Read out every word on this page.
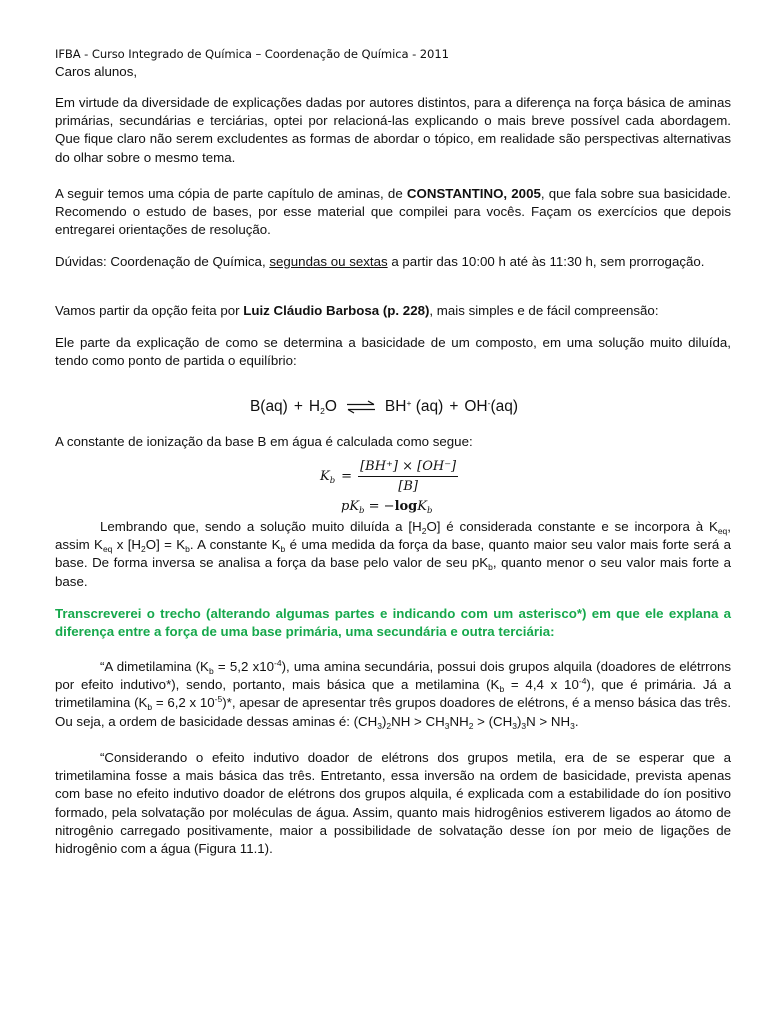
IFBA - Curso Integrado de Química – Coordenação de Química - 2011

Caros alunos,

Em virtude da diversidade de explicações dadas por autores distintos, para a diferença na força básica de aminas primárias, secundárias e terciárias, optei por relacioná-las explicando o mais breve possível cada abordagem. Que fique claro não serem excludentes as formas de abordar o tópico, em realidade são perspectivas alternativas do olhar sobre o mesmo tema.

A seguir temos uma cópia de parte capítulo de aminas, de CONSTANTINO, 2005, que fala sobre sua basicidade. Recomendo o estudo de bases, por esse material que compilei para vocês. Façam os exercícios que depois entregarei orientações de resolução.

Dúvidas: Coordenação de Química, segundas ou sextas a partir das 10:00 h até às 11:30 h, sem prorrogação.

Vamos partir da opção feita por Luiz Cláudio Barbosa (p. 228), mais simples e de fácil compreensão:

Ele parte da explicação de como se determina a basicidade de um composto, em uma solução muito diluída, tendo como ponto de partida o equilíbrio:

$B(aq) + H_2O$ ⇌ BH+ (aq) + OH-(aq)

A constante de ionização da base B em água é calculada como segue:

$K_b = \frac{[BH^+] \times [OH^-]}{[B]}$
$pK_b = -\log K_b$

Lembrando que, sendo a solução muito diluída a $[H_2O]$ é considerada constante e se incorpora à $K_{eq}$, assim $K_{eq}$ x $[H_2O] = K_b$. A constante $K_b$ é uma medida da força da base, quanto maior seu valor mais forte será a base. De forma inversa se analisa a força da base pelo valor de seu $pK_b$, quanto menor o seu valor mais forte a base.

Transcreverei o trecho (alterando algumas partes e indicando com um asterisco*) em que ele explana a diferença entre a força de uma base primária, uma secundária e outra terciária:

“A dimetilamina ($K_b = 5,2$ $x10^{-4}$), uma amina secundária, possui dois grupos alquila (doadores de elétrrons por efeito indutivo*), sendo, portanto, mais básica que a metilamina ($K_b = 4,4$ x $10^{-4}$), que é primária. Já a trimetilamina ($K_b = 6,2$ x $10^{-5})*$, apesar de apresentar três grupos doadores de elétrons, é a menso básica das três. Ou seja, a ordem de basicidade dessas aminas é: $(CH_3)_2NH > CH_3NH_2 > (CH_3)_3N > NH_3$.

“Considerando o efeito indutivo doador de elétrons dos grupos metila, era de se esperar que a trimetilamina fosse a mais básica das três. Entretanto, essa inversão na ordem de basicidade, prevista apenas com base no efeito indutivo doador de elétrons dos grupos alquila, é explicada com a estabilidade do íon positivo formado, pela solvatação por moléculas de água. Assim, quanto mais hidrogênios estiverem ligados ao átomo de nitrogênio carregado positivamente, maior a possibilidade de solvatação desse íon por meio de ligações de hidrogênio com a água (Figura 11.1).
